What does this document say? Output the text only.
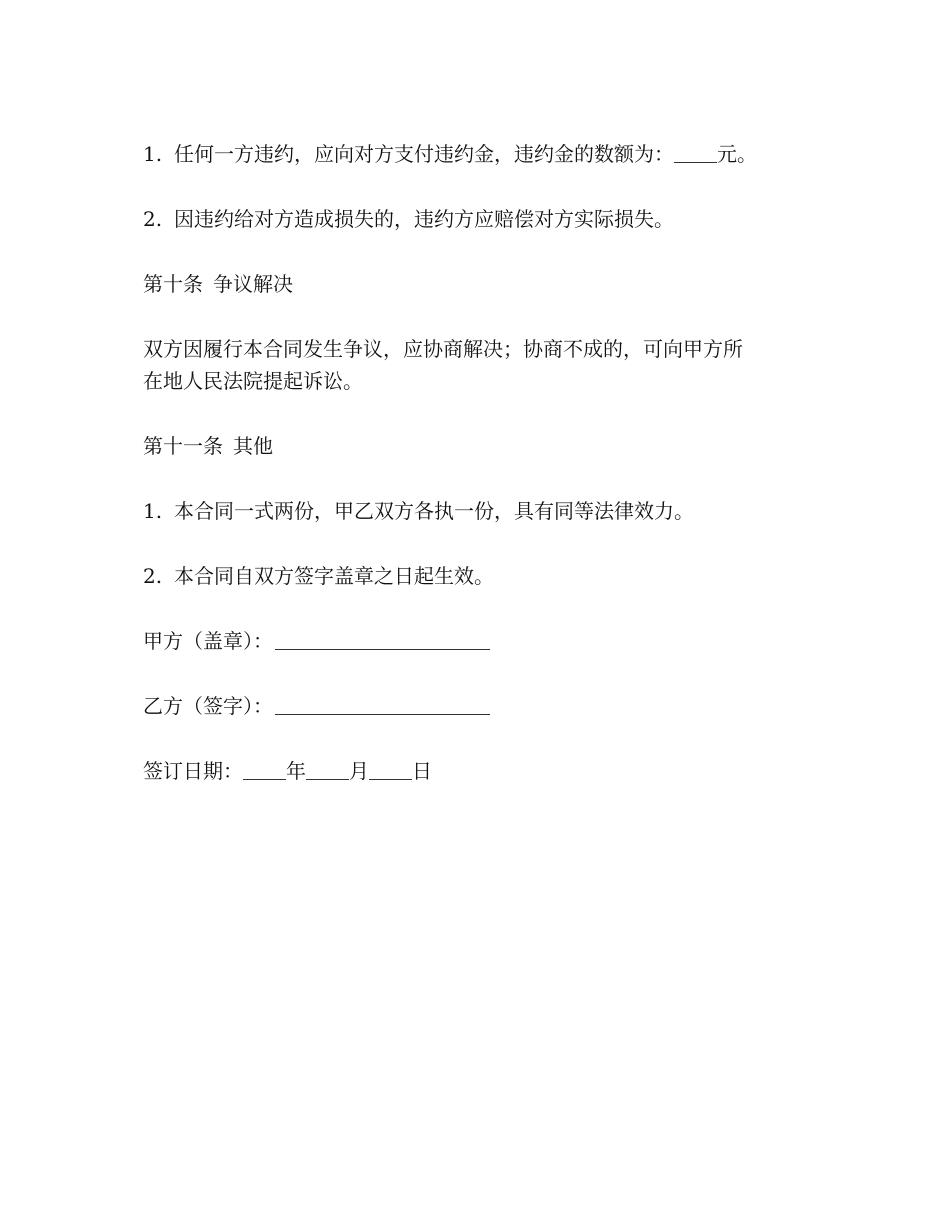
1. 任何一方违约，应向对方支付违约金，违约金的数额为： 元。

2. 因违约给对方造成损失的，违约方应赔偿对方实际损失。

第十条 争议解决

双方因履行本合同发生争议，应协商解决；协商不成的，可向甲方所
在地人民法院提起诉讼。

第十一条 其他

1. 本合同一式两份，甲乙双方各执一份，具有同等法律效力。

2. 本合同自双方签字盖章之日起生效。

甲方（盖章）：

乙方（签字）：

签订日期： 年 月 日
